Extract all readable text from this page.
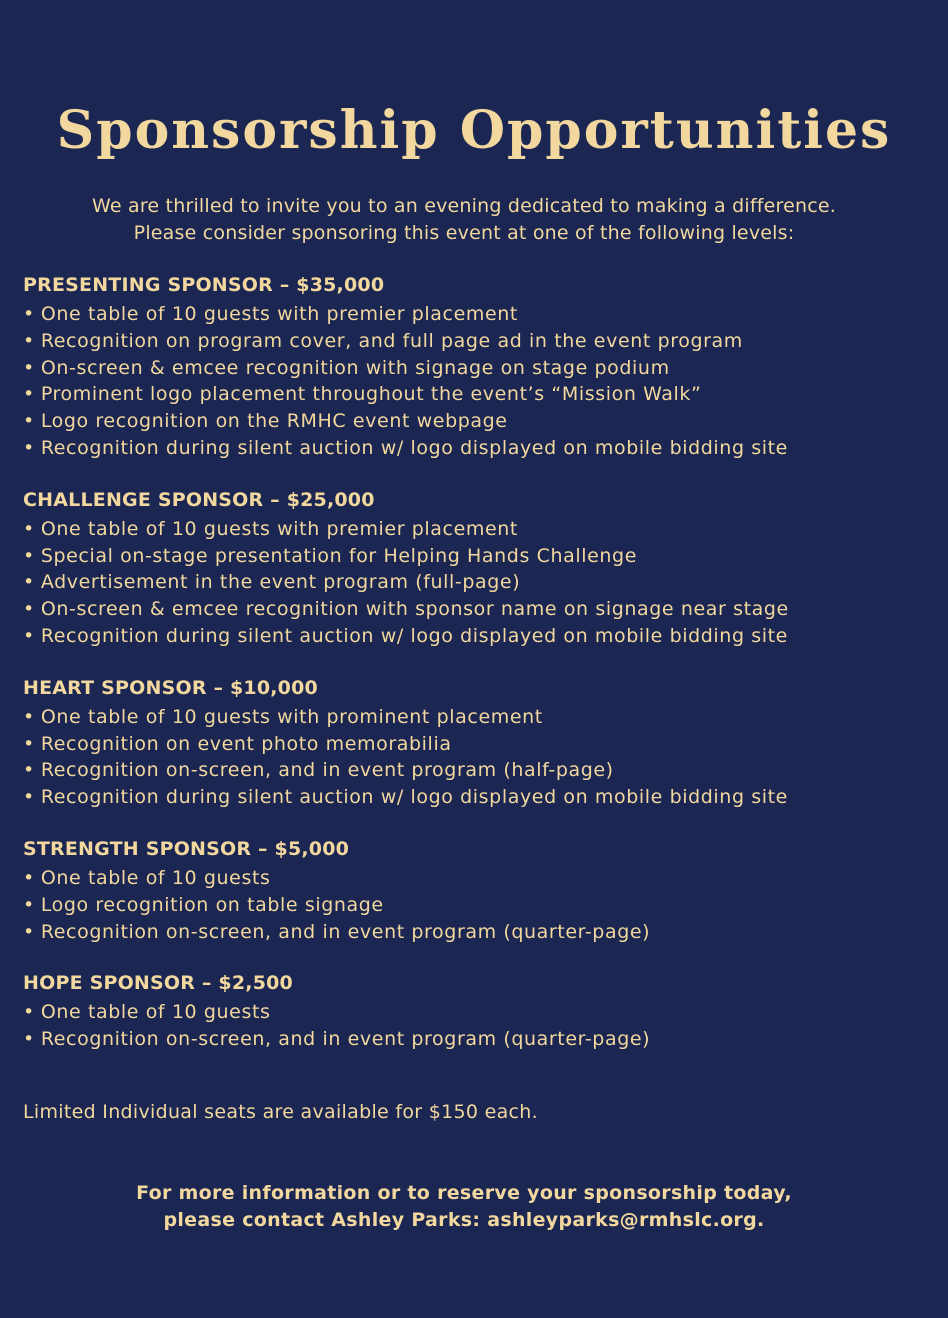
Sponsorship Opportunities
We are thrilled to invite you to an evening dedicated to making a difference.
Please consider sponsoring this event at one of the following levels:
PRESENTING SPONSOR – $35,000
• One table of 10 guests with premier placement
• Recognition on program cover, and full page ad in the event program
• On-screen & emcee recognition with signage on stage podium
• Prominent logo placement throughout the event’s “Mission Walk”
• Logo recognition on the RMHC event webpage
• Recognition during silent auction w/ logo displayed on mobile bidding site
CHALLENGE SPONSOR – $25,000
• One table of 10 guests with premier placement
• Special on-stage presentation for Helping Hands Challenge
• Advertisement in the event program (full-page)
• On-screen & emcee recognition with sponsor name on signage near stage
• Recognition during silent auction w/ logo displayed on mobile bidding site
HEART SPONSOR – $10,000
• One table of 10 guests with prominent placement
• Recognition on event photo memorabilia
• Recognition on-screen, and in event program (half-page)
• Recognition during silent auction w/ logo displayed on mobile bidding site
STRENGTH SPONSOR – $5,000
• One table of 10 guests
• Logo recognition on table signage
• Recognition on-screen, and in event program (quarter-page)
HOPE SPONSOR – $2,500
• One table of 10 guests
• Recognition on-screen, and in event program (quarter-page)
Limited Individual seats are available for $150 each.
For more information or to reserve your sponsorship today,
please contact Ashley Parks: ashleyparks@rmhslc.org.
